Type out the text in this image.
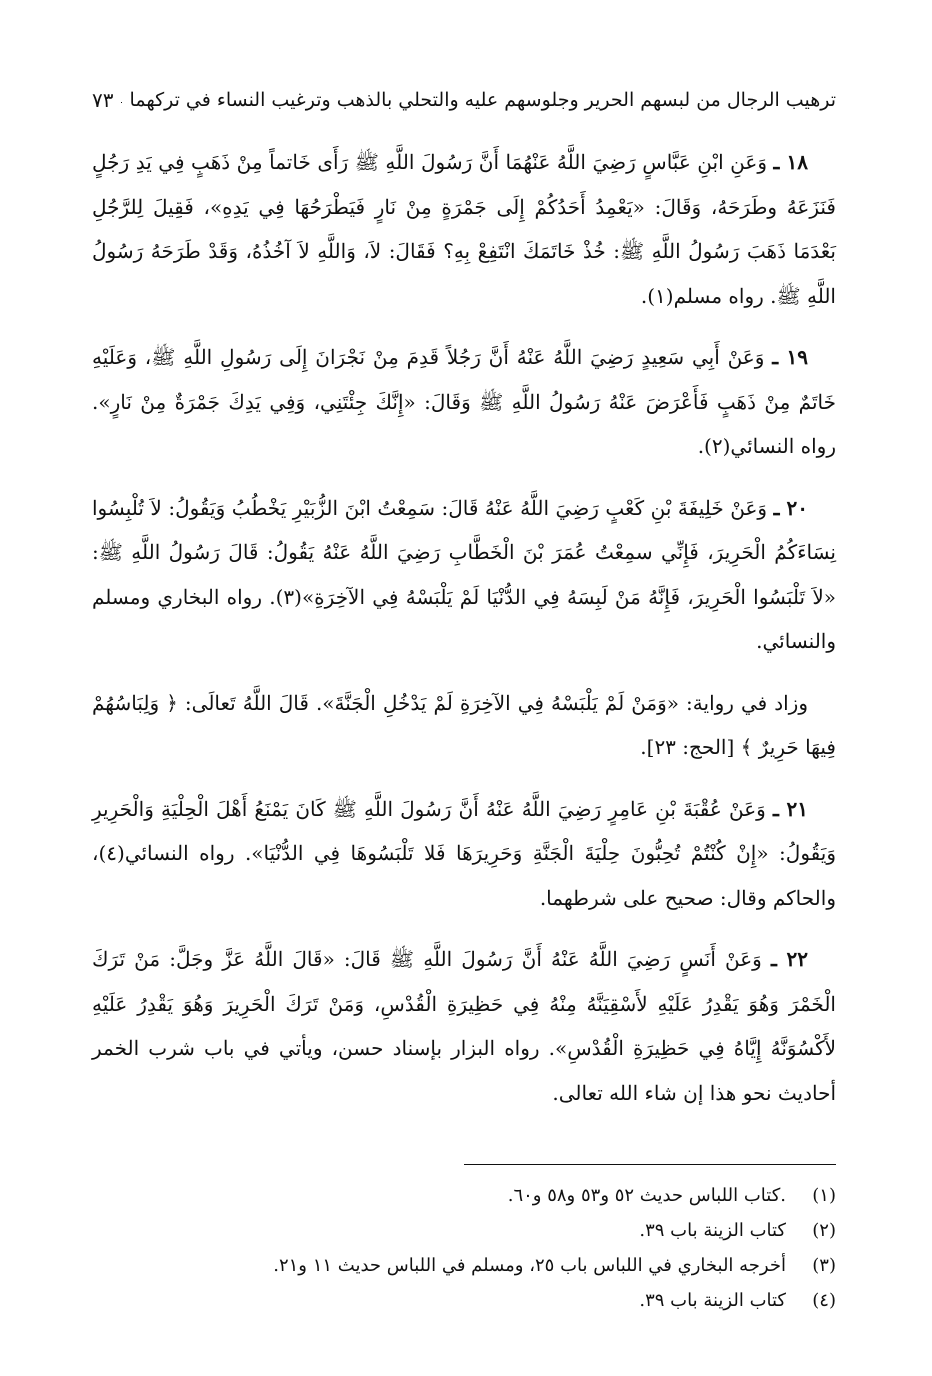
ترهيب الرجال من لبسهم الحرير وجلوسهم عليه والتحلي بالذهب وترغيب النساء في تركهما
٧٣

١٨ ـ وَعَنِ ابْنِ عَبَّاسٍ رَضِيَ اللَّهُ عَنْهُمَا أَنَّ رَسُولَ اللَّهِ ﷺ رَأَى خَاتماً مِنْ ذَهَبٍ فِي يَدِ رَجُلٍ فَنَزَعَهُ وطَرَحَهُ، وَقَالَ: «يَعْمِدُ أَحَدُكُمْ إِلَى جَمْرَةٍ مِنْ نَارٍ فَيَطْرَحُهَا فِي يَدِهِ»، فَقِيلَ لِلرَّجُلِ بَعْدَمَا ذَهَبَ رَسُولُ اللَّهِ ﷺ: خُذْ خَاتَمَكَ انْتَفِعْ بِهِ؟ فَقَالَ: لاَ، وَاللَّهِ لاَ آخُذُهُ، وَقَدْ طَرَحَهُ رَسُولُ اللَّهِ ﷺ. رواه مسلم(١).

١٩ ـ وَعَنْ أَبِي سَعِيدٍ رَضِيَ اللَّهُ عَنْهُ أَنَّ رَجُلاً قَدِمَ مِنْ نَجْرَانَ إِلَى رَسُولِ اللَّهِ ﷺ، وَعَلَيْهِ خَاتَمٌ مِنْ ذَهَبٍ فَأَعْرَضَ عَنْهُ رَسُولُ اللَّهِ ﷺ وَقَالَ: «إِنَّكَ جِئْتَنِي، وَفِي يَدِكَ جَمْرَةٌ مِنْ نَارٍ». رواه النسائي(٢).

٢٠ ـ وَعَنْ خَلِيفَةَ بْنِ كَعْبٍ رَضِيَ اللَّهُ عَنْهُ قَالَ: سَمِعْتُ ابْنَ الزُّبَيْرِ يَخْطُبُ وَيَقُولُ: لاَ تُلْبِسُوا نِسَاءَكُمُ الْحَرِيرَ، فَإِنِّي سمِعْتُ عُمَرَ بْنَ الْخَطَّابِ رَضِيَ اللَّهُ عَنْهُ يَقُولُ: قَالَ رَسُولُ اللَّهِ ﷺ: «لاَ تَلْبَسُوا الْحَرِيرَ، فَإِنَّهُ مَنْ لَبِسَهُ فِي الدُّنْيَا لَمْ يَلْبَسْهُ فِي الآخِرَةِ»(٣). رواه البخاري ومسلم والنسائي.

وزاد في رواية: «وَمَنْ لَمْ يَلْبَسْهُ فِي الآخِرَةِ لَمْ يَدْخُلِ الْجَنَّةَ». قَالَ اللَّهُ تَعالَى: ﴿ وَلِبَاسُهُمْ فِيهَا حَرِيرٌ ﴾ [الحج: ٢٣].

٢١ ـ وَعَنْ عُقْبَةَ بْنِ عَامِرٍ رَضِيَ اللَّهُ عَنْهُ أَنَّ رَسُولَ اللَّهِ ﷺ كَانَ يَمْنَعُ أَهْلَ الْحِلْيَةِ وَالْحَرِيرِ وَيَقُولُ: «إِنْ كُنْتُمْ تُحِبُّونَ حِلْيَةَ الْجَنَّةِ وَحَرِيرَهَا فَلا تَلْبَسُوهَا فِي الدُّنْيَا». رواه النسائي(٤)، والحاكم وقال: صحيح على شرطهما.

٢٢ ـ وَعَنْ أَنَسٍ رَضِيَ اللَّهُ عَنْهُ أَنَّ رَسُولَ اللَّهِ ﷺ قَالَ: «قَالَ اللَّهُ عَزَّ وجَلَّ: مَنْ تَرَكَ الْخَمْرَ وَهُوَ يَقْدِرُ عَلَيْهِ لأَسْقِيَنَّهُ مِنْهُ فِي حَظِيرَةِ الْقُدْسِ، وَمَنْ تَرَكَ الْحَرِيرَ وَهُوَ يَقْدِرُ عَلَيْهِ لأَكْسُوَنَّهُ إِيَّاهُ فِي حَظِيرَةِ الْقُدْسِ». رواه البزار بإسناد حسن، ويأتي في باب شرب الخمر أحاديث نحو هذا إن شاء الله تعالى.

(١)
.كتاب اللباس حديث ٥٢ و٥٣ و٥٨ و٦٠.
(٢)
كتاب الزينة باب ٣٩.
(٣)
أخرجه البخاري في اللباس باب ٢٥، ومسلم في اللباس حديث ١١ و٢١.
(٤)
كتاب الزينة باب ٣٩.
